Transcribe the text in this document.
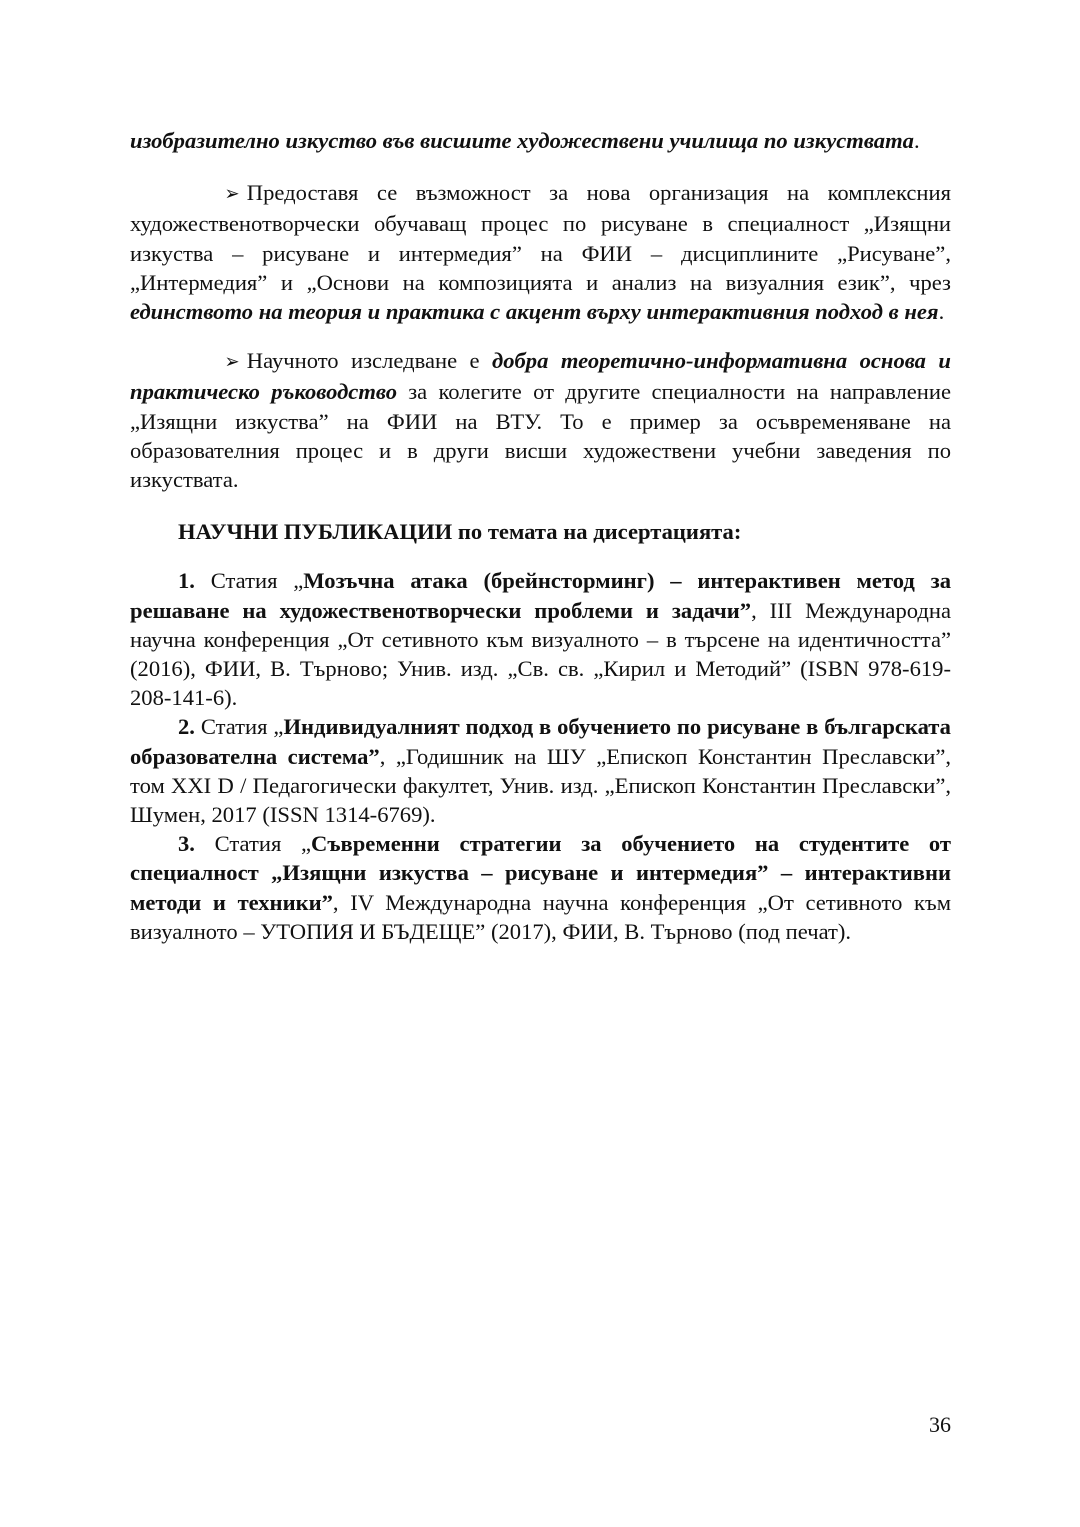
изобразително изкуство във висшите художествени училища по изкуствата.

➢ Предоставя се възможност за нова организация на комплексния художественотворчески обучаващ процес по рисуване в специалност „Изящни изкуства – рисуване и интермедия” на ФИИ – дисциплините „Рисуване”, „Интермедия” и „Основи на композицията и анализ на визуалния език”, чрез единството на теория и практика с акцент върху интерактивния подход в нея.

➢ Научното изследване е добра теоретично-информативна основа и практическо ръководство за колегите от другите специалности на направление „Изящни изкуства” на ФИИ на ВТУ. То е пример за осъвременяване на образователния процес и в други висши художествени учебни заведения по изкуствата.

НАУЧНИ ПУБЛИКАЦИИ по темата на дисертацията:

1. Статия „Мозъчна атака (брейнсторминг) – интерактивен метод за решаване на художественотворчески проблеми и задачи”, III Международна научна конференция „От сетивното към визуалното – в търсене на идентичността” (2016), ФИИ, В. Търново; Унив. изд. „Св. св. „Кирил и Методий” (ISBN 978-619-208-141-6).

2. Статия „Индивидуалният подход в обучението по рисуване в българската образователна система”, „Годишник на ШУ „Епископ Константин Преславски”, том XXI D / Педагогически факултет, Унив. изд. „Епископ Константин Преславски”, Шумен, 2017 (ISSN 1314-6769).

3. Статия „Съвременни стратегии за обучението на студентите от специалност „Изящни изкуства – рисуване и интермедия” – интерактивни методи и техники”, IV Международна научна конференция „От сетивното към визуалното – УТОПИЯ И БЪДЕЩЕ” (2017), ФИИ, В. Търново (под печат).

36
